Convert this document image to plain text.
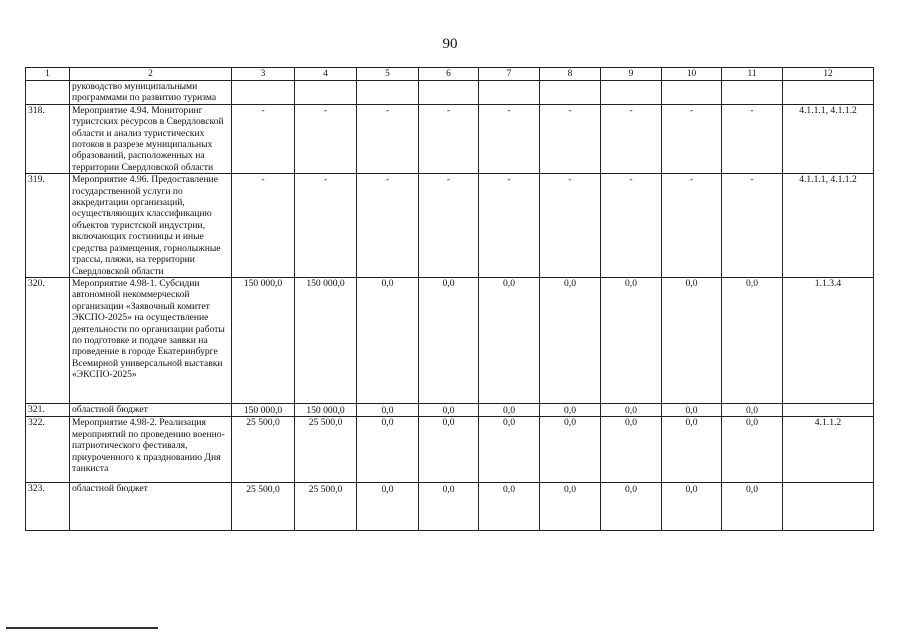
90
1	2	3	4	5	6	7	8	9	10	11	12
	руководство муниципальными программами по развитию туризма										
318.	Мероприятие 4.94. Мониторинг туристских ресурсов в Свердловской области и анализ туристических потоков в разрезе муниципальных образований, расположенных на территории Свердловской области	-	-	-	-	-	-	-	-	-	4.1.1.1, 4.1.1.2
319.	Мероприятие 4.96. Предоставление государственной услуги по аккредитации организаций, осуществляющих классификацию объектов туристской индустрии, включающих гостиницы и иные средства размещения, горнолыжные трассы, пляжи, на территории Свердловской области	-	-	-	-	-	-	-	-	-	4.1.1.1, 4.1.1.2
320.	Мероприятие 4.98-1. Субсидии автономной некоммерческой организации «Заявочный комитет ЭКСПО-2025» на осуществление деятельности по организации работы по подготовке и подаче заявки на проведение в городе Екатеринбурге Всемирной универсальной выставки «ЭКСПО-2025»	150 000,0	150 000,0	0,0	0,0	0,0	0,0	0,0	0,0	0,0	1.1.3.4
321.	областной бюджет	150 000,0	150 000,0	0,0	0,0	0,0	0,0	0,0	0,0	0,0	
322.	Мероприятие 4.98-2. Реализация мероприятий по проведению военно-патриотического фестиваля, приуроченного к празднованию Дня танкиста	25 500,0	25 500,0	0,0	0,0	0,0	0,0	0,0	0,0	0,0	4.1.1.2
323.	областной бюджет	25 500,0	25 500,0	0,0	0,0	0,0	0,0	0,0	0,0	0,0	
